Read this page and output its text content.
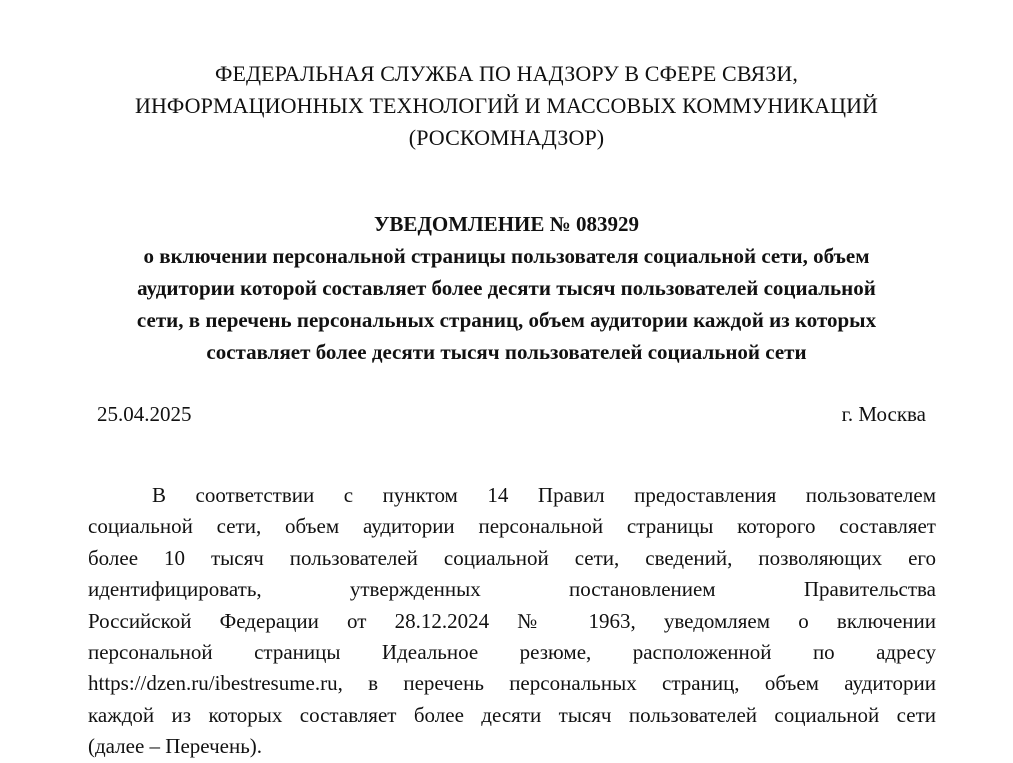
ФЕДЕРАЛЬНАЯ СЛУЖБА ПО НАДЗОРУ В СФЕРЕ СВЯЗИ,
ИНФОРМАЦИОННЫХ ТЕХНОЛОГИЙ И МАССОВЫХ КОММУНИКАЦИЙ
(РОСКОМНАДЗОР)
УВЕДОМЛЕНИЕ № 083929
о включении персональной страницы пользователя социальной сети, объем
аудитории которой составляет более десяти тысяч пользователей социальной
сети, в перечень персональных страниц, объем аудитории каждой из которых
составляет более десяти тысяч пользователей социальной сети
25.04.2025	г. Москва
В соответствии с пунктом 14 Правил предоставления пользователем
социальной сети, объем аудитории персональной страницы которого составляет
более 10 тысяч пользователей социальной сети, сведений, позволяющих его
идентифицировать, утвержденных постановлением Правительства
Российской Федерации от 28.12.2024 № 1963, уведомляем о включении
персональной страницы Идеальное резюме, расположенной по адресу
https://dzen.ru/ibestresume.ru, в перечень персональных страниц, объем аудитории
каждой из которых составляет более десяти тысяч пользователей социальной сети
(далее – Перечень).
